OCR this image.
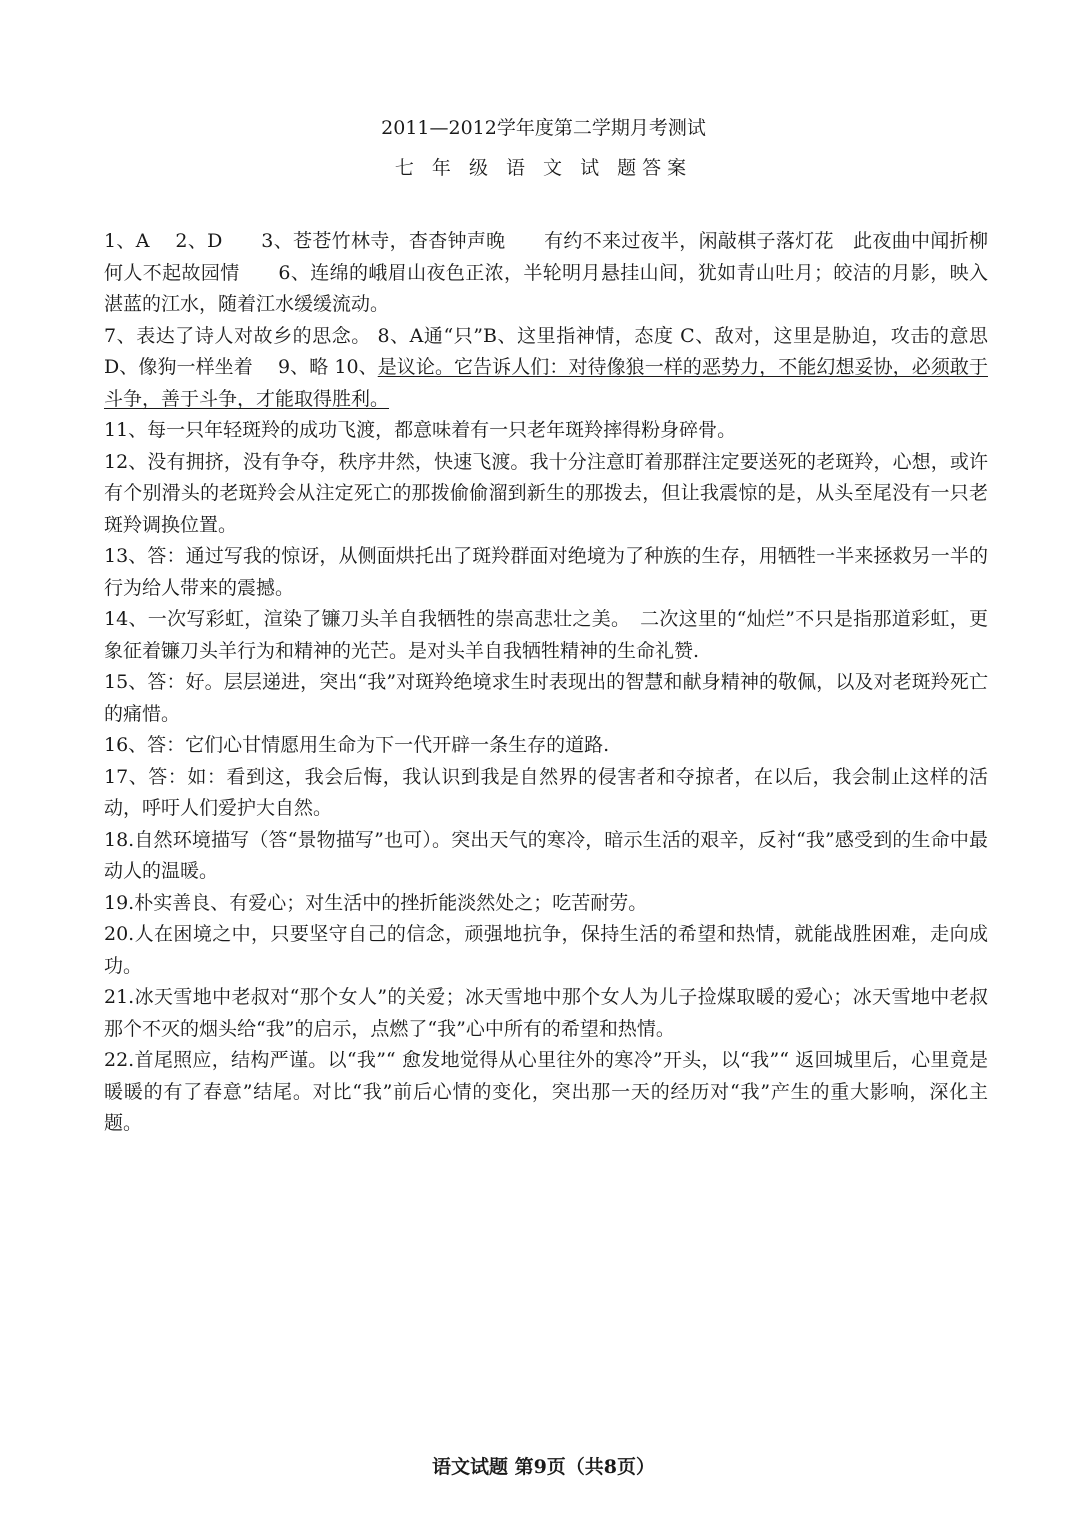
2011—2012学年度第二学期月考测试
七 年 级 语 文 试 题答案

1、A　 2、D　　3、苍苍竹林寺，杳杳钟声晚　　有约不来过夜半，闲敲棋子落灯花　此夜曲中闻折柳　何人不起故园情　　6、连绵的峨眉山夜色正浓，半轮明月悬挂山间，犹如青山吐月；皎洁的月影，映入湛蓝的江水，随着江水缓缓流动。

7、表达了诗人对故乡的思念。 8、A通“只”B、这里指神情，态度 C、敌对，这里是胁迫，攻击的意思 D、像狗一样坐着　 9、略 10、是议论。它告诉人们：对待像狼一样的恶势力，不能幻想妥协，必须敢于斗争，善于斗争，才能取得胜利。

11、每一只年轻斑羚的成功飞渡，都意味着有一只老年斑羚摔得粉身碎骨。

12、没有拥挤，没有争夺，秩序井然，快速飞渡。我十分注意盯着那群注定要送死的老斑羚，心想，或许有个别滑头的老斑羚会从注定死亡的那拨偷偷溜到新生的那拨去，但让我震惊的是，从头至尾没有一只老斑羚调换位置。

13、答：通过写我的惊讶，从侧面烘托出了斑羚群面对绝境为了种族的生存，用牺牲一半来拯救另一半的行为给人带来的震撼。

14、一次写彩虹，渲染了镰刀头羊自我牺牲的崇高悲壮之美。　二次这里的“灿烂”不只是指那道彩虹，更象征着镰刀头羊行为和精神的光芒。是对头羊自我牺牲精神的生命礼赞.

15、答：好。层层递进，突出“我”对斑羚绝境求生时表现出的智慧和献身精神的敬佩，以及对老斑羚死亡的痛惜。

16、答：它们心甘情愿用生命为下一代开辟一条生存的道路.

17、答：如：看到这，我会后悔，我认识到我是自然界的侵害者和夺掠者，在以后，我会制止这样的活动，呼吁人们爱护大自然。

18.自然环境描写（答“景物描写”也可）。突出天气的寒冷，暗示生活的艰辛，反衬“我”感受到的生命中最动人的温暖。

19.朴实善良、有爱心；对生活中的挫折能淡然处之；吃苦耐劳。

20.人在困境之中，只要坚守自己的信念，顽强地抗争，保持生活的希望和热情，就能战胜困难，走向成功。

21.冰天雪地中老叔对“那个女人”的关爱；冰天雪地中那个女人为儿子捡煤取暖的爱心；冰天雪地中老叔那个不灭的烟头给“我”的启示，点燃了“我”心中所有的希望和热情。

22.首尾照应，结构严谨。以“我”“ 愈发地觉得从心里往外的寒冷”开头，以“我”“ 返回城里后，心里竟是暖暖的有了春意”结尾。对比“我”前后心情的变化，突出那一天的经历对“我”产生的重大影响，深化主题。

语文试题 第9页（共8页）
